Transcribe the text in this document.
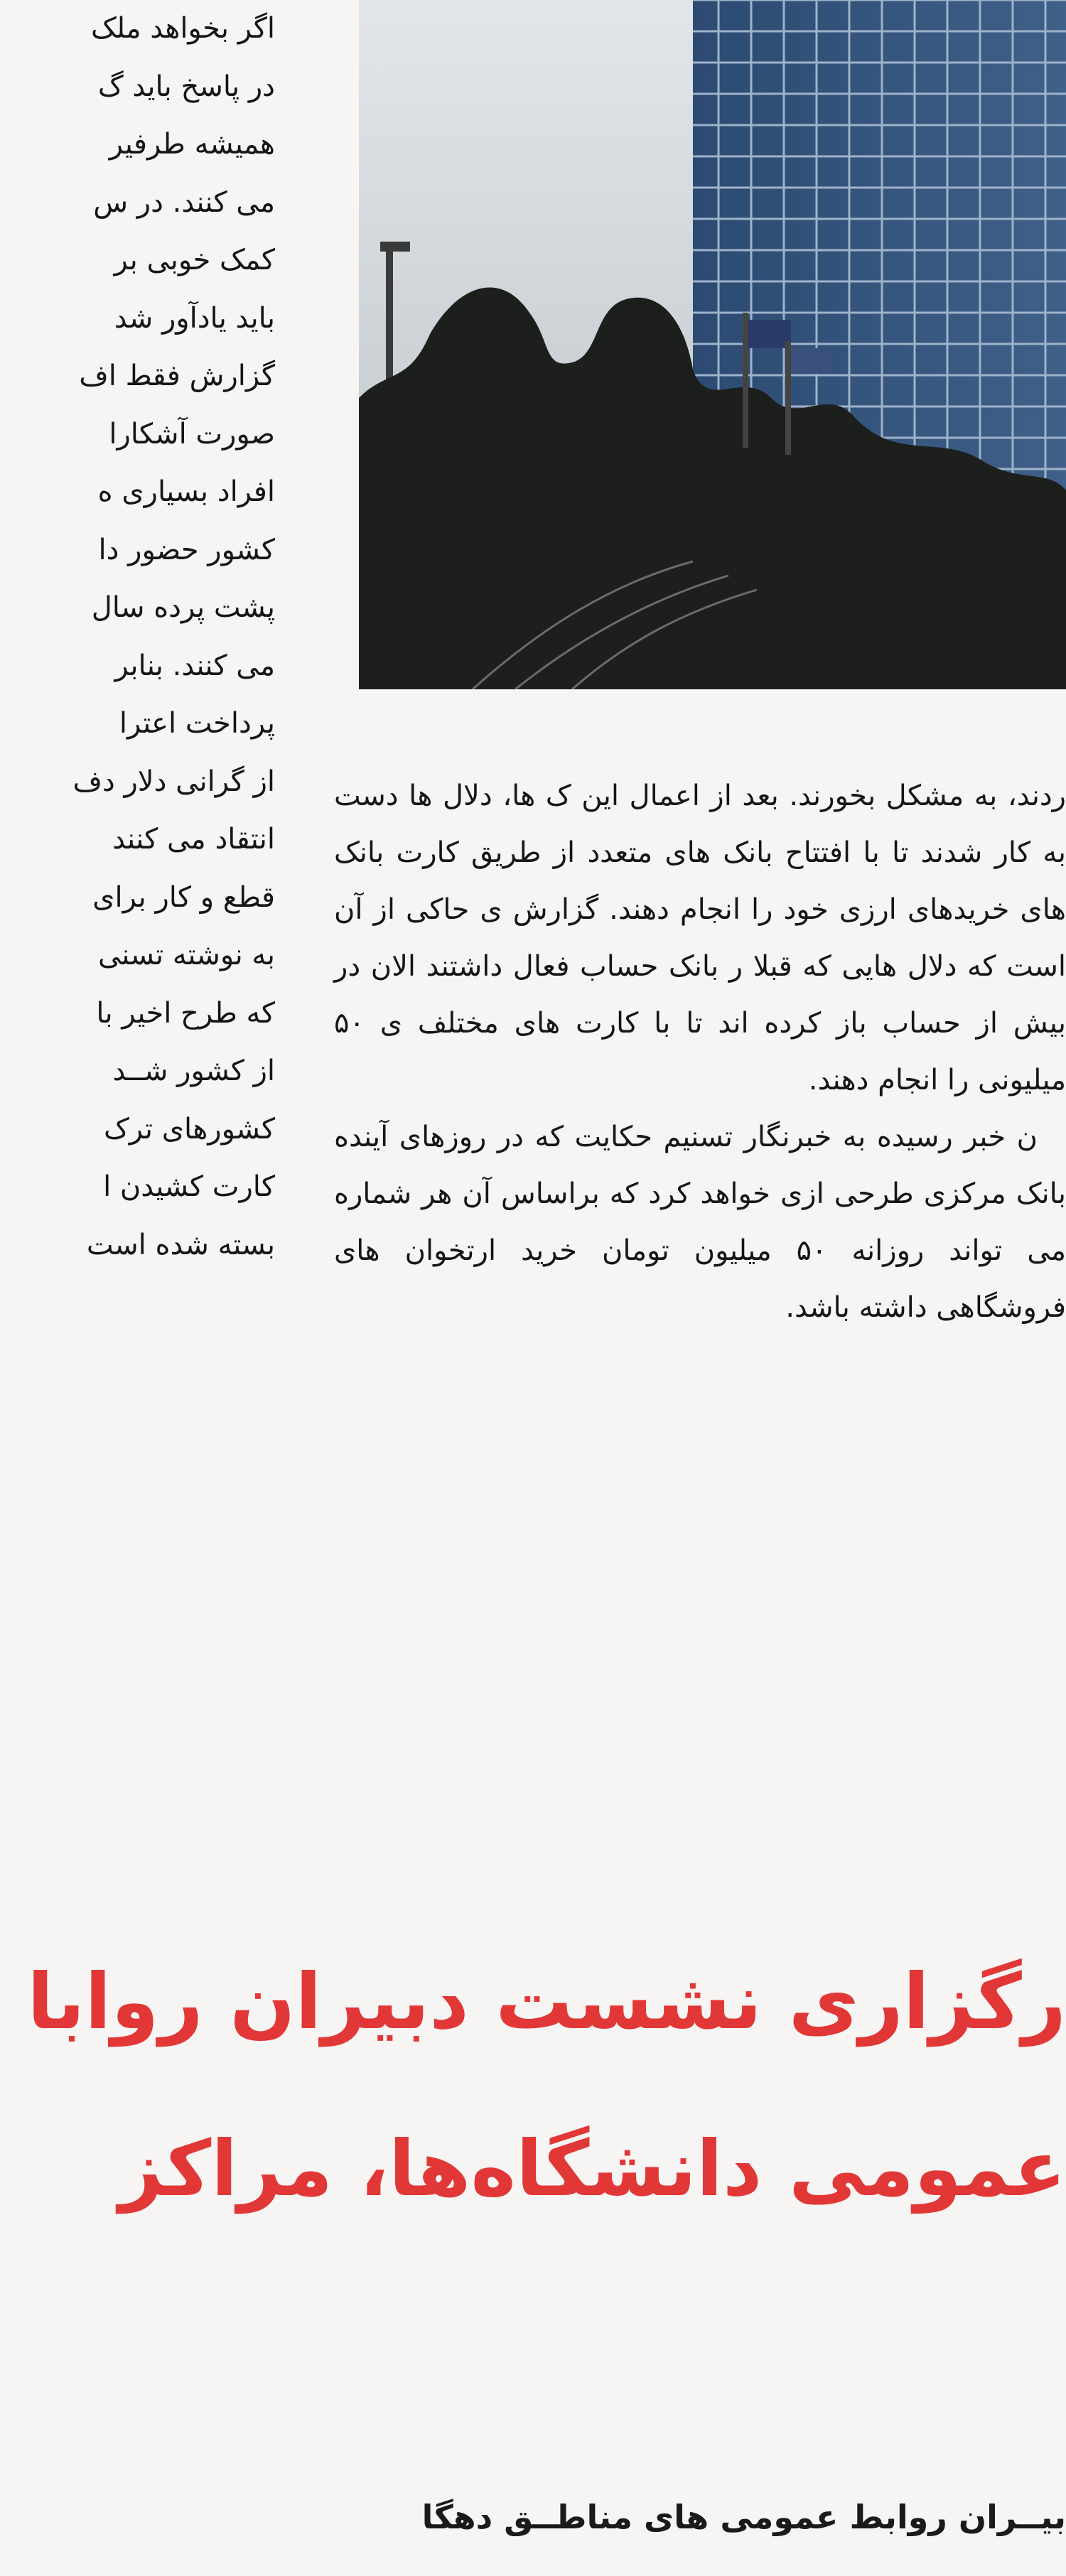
اگر بخواهد ملک
در پاسخ باید گ
همیشه طرفیر
می کنند. در س
کمک خوبی بر
باید یادآور شد
گزارش فقط اف
صورت آشکارا
افراد بسیاری ه
کشور حضور دا
پشت پرده سال
می کنند. بنابر
پرداخت اعترا
از گرانی دلار دف
انتقاد می کنند
قطع و کار برای
به نوشته تسنی
که طرح اخیر با
از کشور شــد
کشورهای ترک
کارت کشیدن ا
بسته شده است

ردند، به مشکل بخورند. بعد از اعمال این ک ها، دلال ها دست به کار شدند تا با افتتاح بانک های متعدد از طریق کارت بانک های خریدهای ارزی خود را انجام دهند. گزارش ی حاکی از آن است که دلال هایی که قبلا ر بانک حساب فعال داشتند الان در بیش از حساب باز کرده اند تا با کارت های مختلف ی ۵۰ میلیونی را انجام دهند.

ن خبر رسیده به خبرنگار تسنیم حکایت که در روزهای آینده بانک مرکزی طرحی ازی خواهد کرد که براساس آن هر شماره می تواند روزانه ۵۰ میلیون تومان خرید ارتخوان های فروشگاهی داشته باشد.

رگزاری نشست دبیران روابا
عمومی دانشگاه‌ها، مراکز
بیــران روابط عمومی های مناطــق دهگا
